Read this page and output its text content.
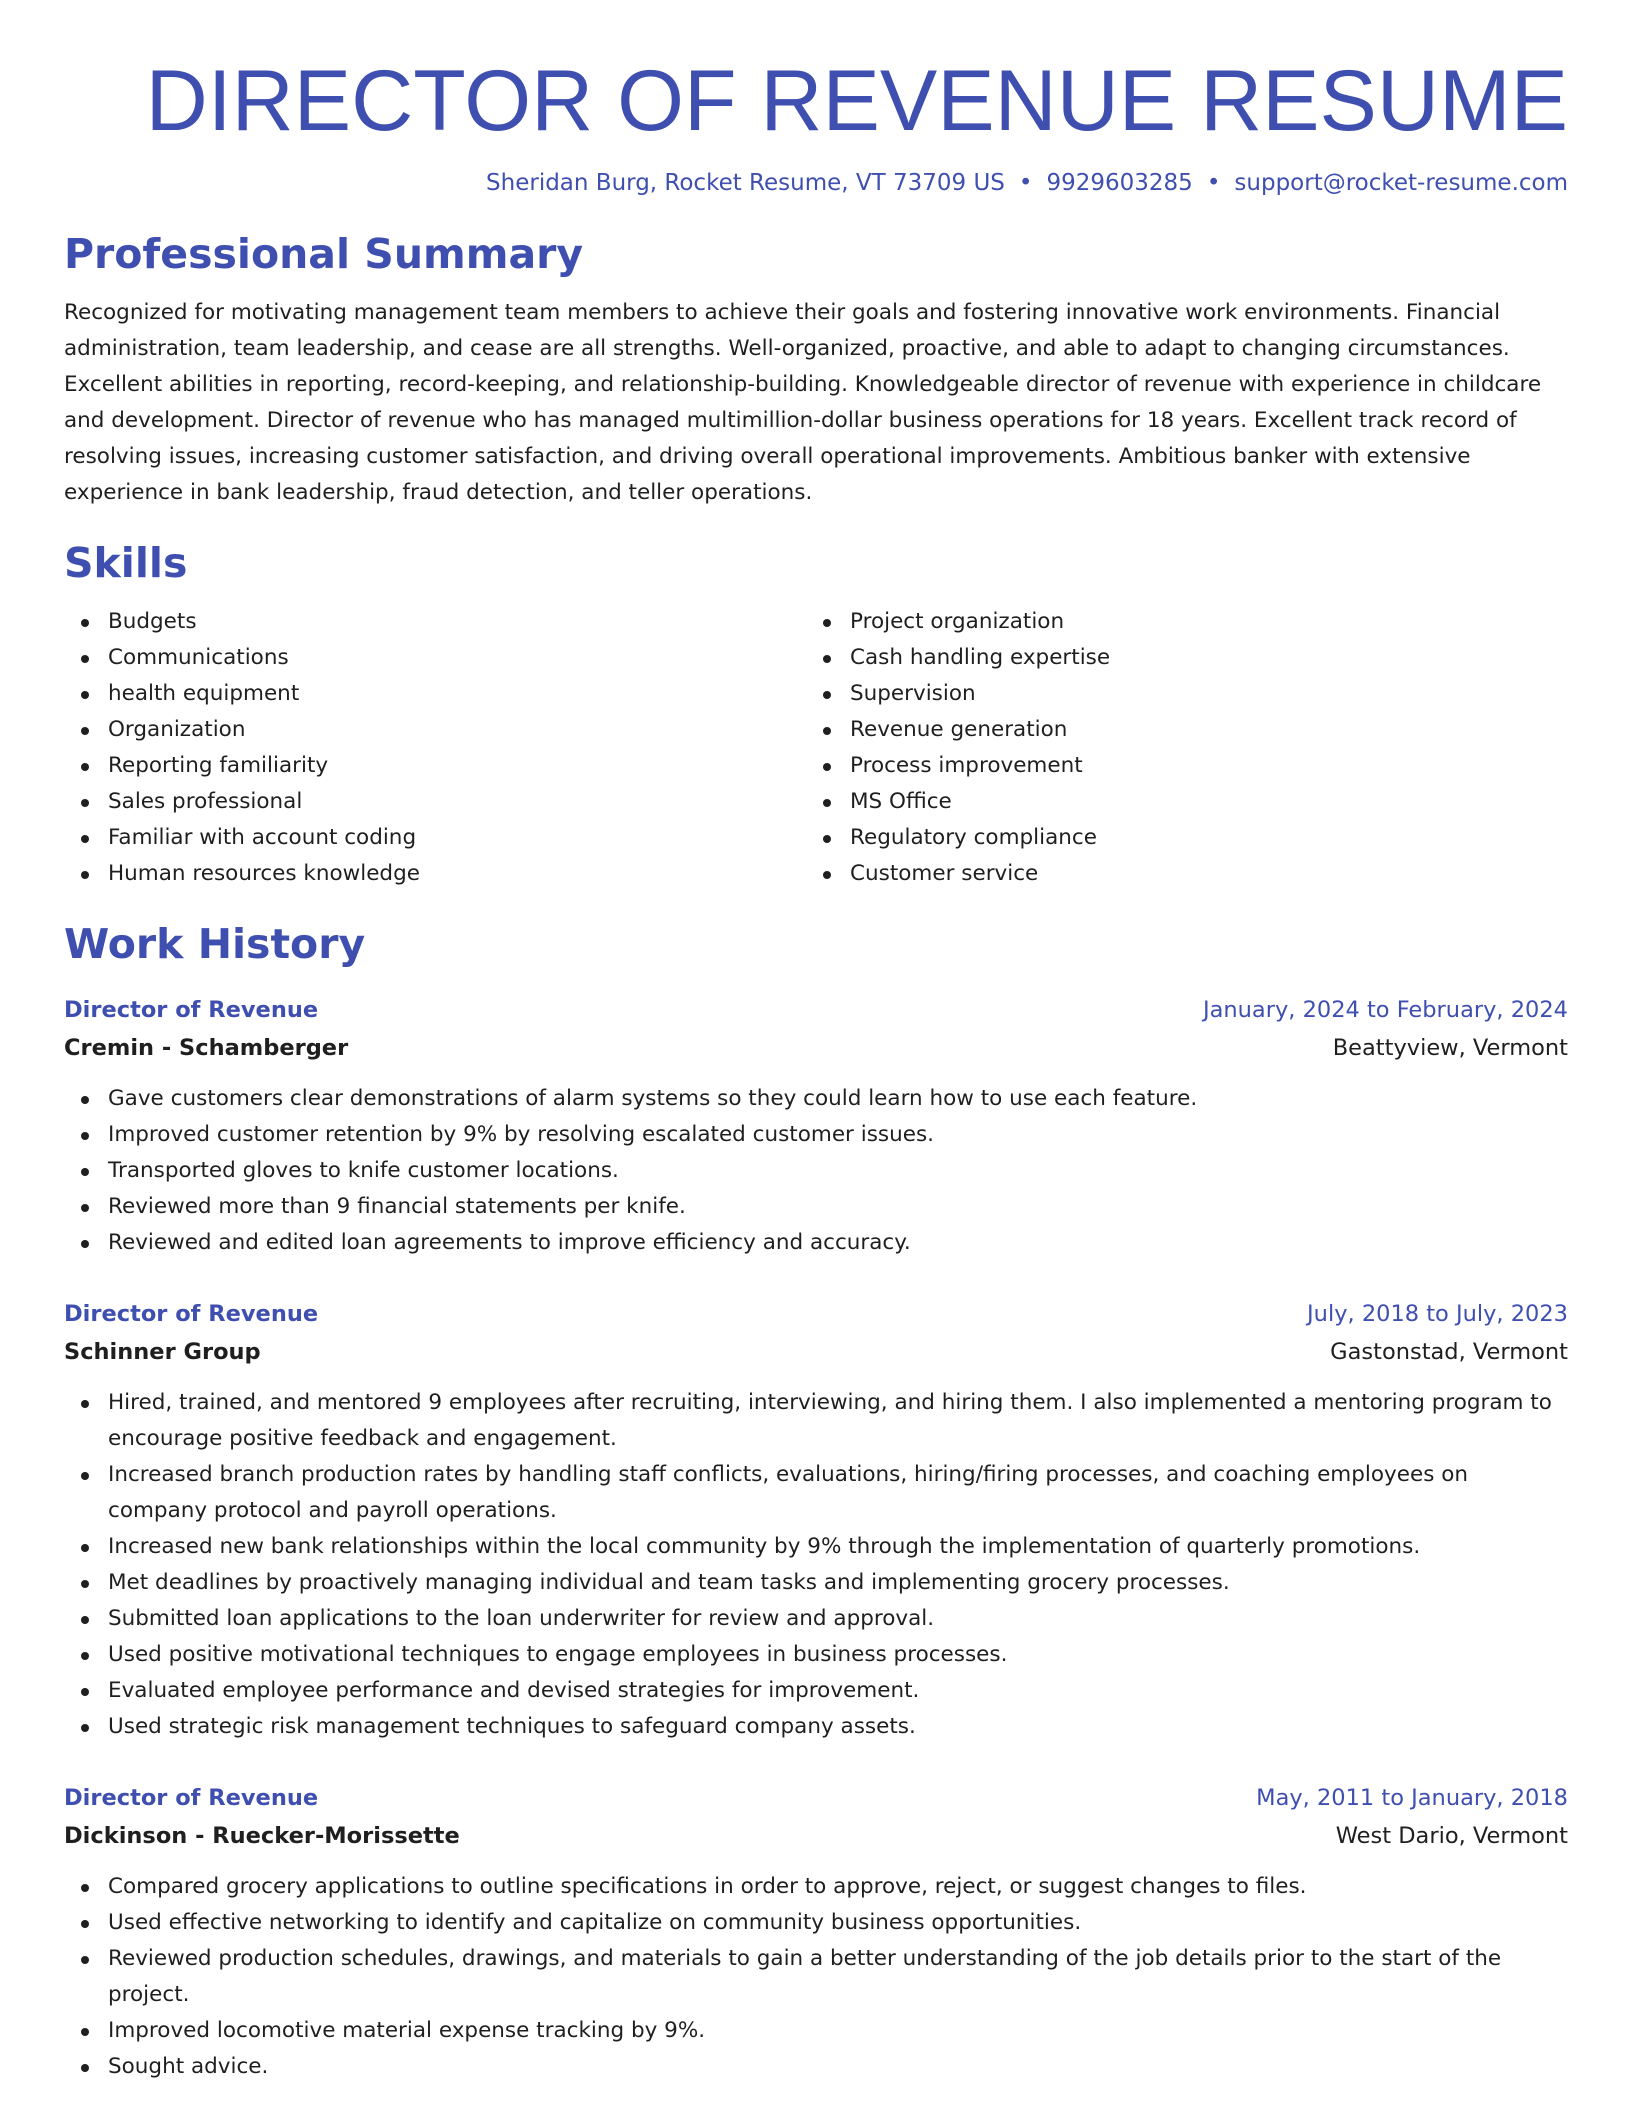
DIRECTOR OF REVENUE RESUME
Sheridan Burg, Rocket Resume, VT 73709 US • 9929603285 • support@rocket-resume.com
Professional Summary

Recognized for motivating management team members to achieve their goals and fostering innovative work environments. Financial administration, team leadership, and cease are all strengths. Well-organized, proactive, and able to adapt to changing circumstances. Excellent abilities in reporting, record-keeping, and relationship-building. Knowledgeable director of revenue with experience in childcare and development. Director of revenue who has managed multimillion-dollar business operations for 18 years. Excellent track record of resolving issues, increasing customer satisfaction, and driving overall operational improvements. Ambitious banker with extensive experience in bank leadership, fraud detection, and teller operations.

Skills
Budgets
Communications
health equipment
Organization
Reporting familiarity
Sales professional
Familiar with account coding
Human resources knowledge
Project organization
Cash handling expertise
Supervision
Revenue generation
Process improvement
MS Office
Regulatory compliance
Customer service
Work History
Director of Revenue	January, 2024 to February, 2024
Cremin - Schamberger	Beattyview, Vermont
Gave customers clear demonstrations of alarm systems so they could learn how to use each feature.
Improved customer retention by 9% by resolving escalated customer issues.
Transported gloves to knife customer locations.
Reviewed more than 9 financial statements per knife.
Reviewed and edited loan agreements to improve efficiency and accuracy.
Director of Revenue	July, 2018 to July, 2023
Schinner Group	Gastonstad, Vermont
Hired, trained, and mentored 9 employees after recruiting, interviewing, and hiring them. I also implemented a mentoring program to encourage positive feedback and engagement.
Increased branch production rates by handling staff conflicts, evaluations, hiring/firing processes, and coaching employees on company protocol and payroll operations.
Increased new bank relationships within the local community by 9% through the implementation of quarterly promotions.
Met deadlines by proactively managing individual and team tasks and implementing grocery processes.
Submitted loan applications to the loan underwriter for review and approval.
Used positive motivational techniques to engage employees in business processes.
Evaluated employee performance and devised strategies for improvement.
Used strategic risk management techniques to safeguard company assets.
Director of Revenue	May, 2011 to January, 2018
Dickinson - Ruecker-Morissette	West Dario, Vermont
Compared grocery applications to outline specifications in order to approve, reject, or suggest changes to files.
Used effective networking to identify and capitalize on community business opportunities.
Reviewed production schedules, drawings, and materials to gain a better understanding of the job details prior to the start of the project.
Improved locomotive material expense tracking by 9%.
Sought advice.
